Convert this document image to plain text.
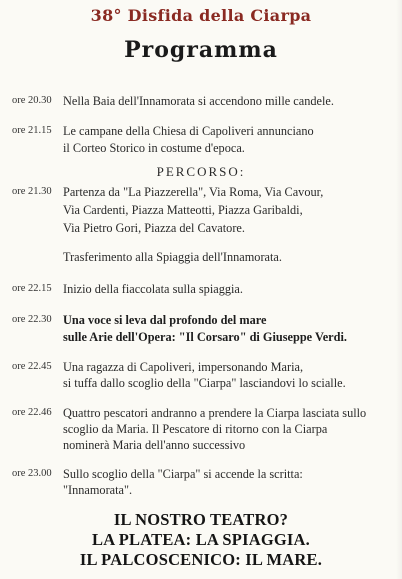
38° Disfida della Ciarpa
Programma
ore 20.30 Nella Baia dell'Innamorata si accendono mille candele.
ore 21.15 Le campane della Chiesa di Capoliveri annunciano
il Corteo Storico in costume d'epoca.
PERCORSO:
ore 21.30 Partenza da "La Piazzerella", Via Roma, Via Cavour,
Via Cardenti, Piazza Matteotti, Piazza Garibaldi,
Via Pietro Gori, Piazza del Cavatore.
Trasferimento alla Spiaggia dell'Innamorata.
ore 22.15 Inizio della fiaccolata sulla spiaggia.
ore 22.30 Una voce si leva dal profondo del mare
sulle Arie dell'Opera: "Il Corsaro" di Giuseppe Verdi.
ore 22.45 Una ragazza di Capoliveri, impersonando Maria,
si tuffa dallo scoglio della "Ciarpa" lasciandovi lo scialle.
ore 22.46 Quattro pescatori andranno a prendere la Ciarpa lasciata sullo
scoglio da Maria. Il Pescatore di ritorno con la Ciarpa
nominerà Maria dell'anno successivo
ore 23.00 Sullo scoglio della "Ciarpa" si accende la scritta:
"Innamorata".
IL NOSTRO TEATRO?
LA PLATEA: LA SPIAGGIA.
IL PALCOSCENICO: IL MARE.
